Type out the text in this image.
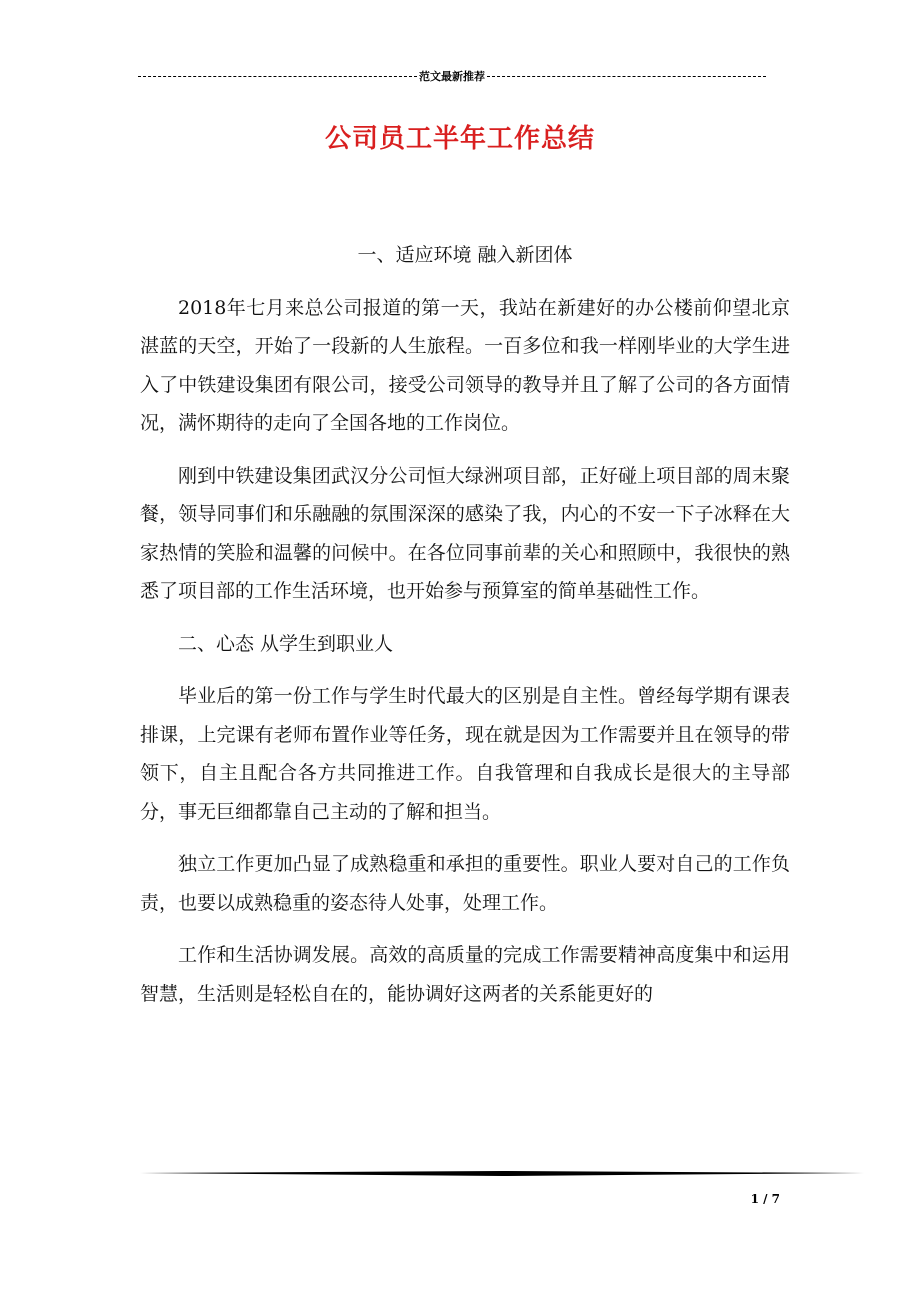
范文最新推荐
公司员工半年工作总结

一、适应环境 融入新团体

2018年七月来总公司报道的第一天，我站在新建好的办公楼前仰望北京湛蓝的天空，开始了一段新的人生旅程。一百多位和我一样刚毕业的大学生进入了中铁建设集团有限公司，接受公司领导的教导并且了解了公司的各方面情况，满怀期待的走向了全国各地的工作岗位。

刚到中铁建设集团武汉分公司恒大绿洲项目部，正好碰上项目部的周末聚餐，领导同事们和乐融融的氛围深深的感染了我，内心的不安一下子冰释在大家热情的笑脸和温馨的问候中。在各位同事前辈的关心和照顾中，我很快的熟悉了项目部的工作生活环境，也开始参与预算室的简单基础性工作。

二、心态 从学生到职业人

毕业后的第一份工作与学生时代最大的区别是自主性。曾经每学期有课表排课，上完课有老师布置作业等任务，现在就是因为工作需要并且在领导的带领下，自主且配合各方共同推进工作。自我管理和自我成长是很大的主导部分，事无巨细都靠自己主动的了解和担当。

独立工作更加凸显了成熟稳重和承担的重要性。职业人要对自己的工作负责，也要以成熟稳重的姿态待人处事，处理工作。

工作和生活协调发展。高效的高质量的完成工作需要精神高度集中和运用智慧，生活则是轻松自在的，能协调好这两者的关系能更好的

1 / 7
